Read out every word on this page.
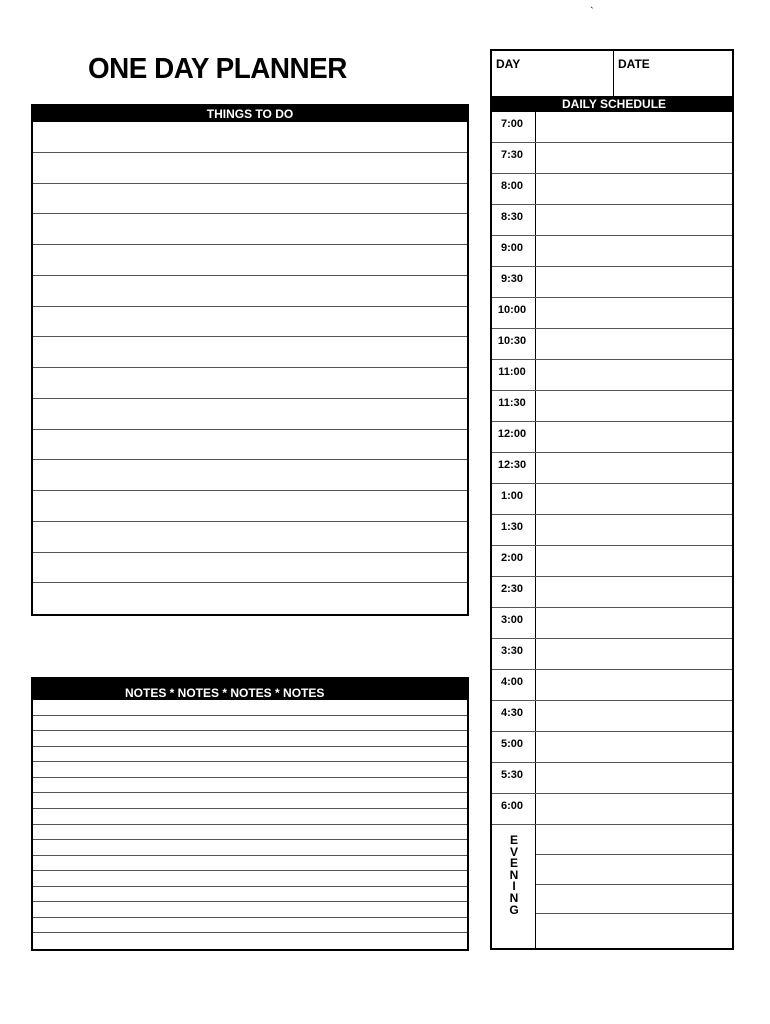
`
ONE DAY PLANNER
THINGS TO DO
NOTES * NOTES * NOTES * NOTES
DAY	DATE
DAILY SCHEDULE
7:00
7:30
8:00
8:30
9:00
9:30
10:00
10:30
11:00
11:30
12:00
12:30
1:00
1:30
2:00
2:30
3:00
3:30
4:00
4:30
5:00
5:30
6:00
E
V
E
N
I
N
G
